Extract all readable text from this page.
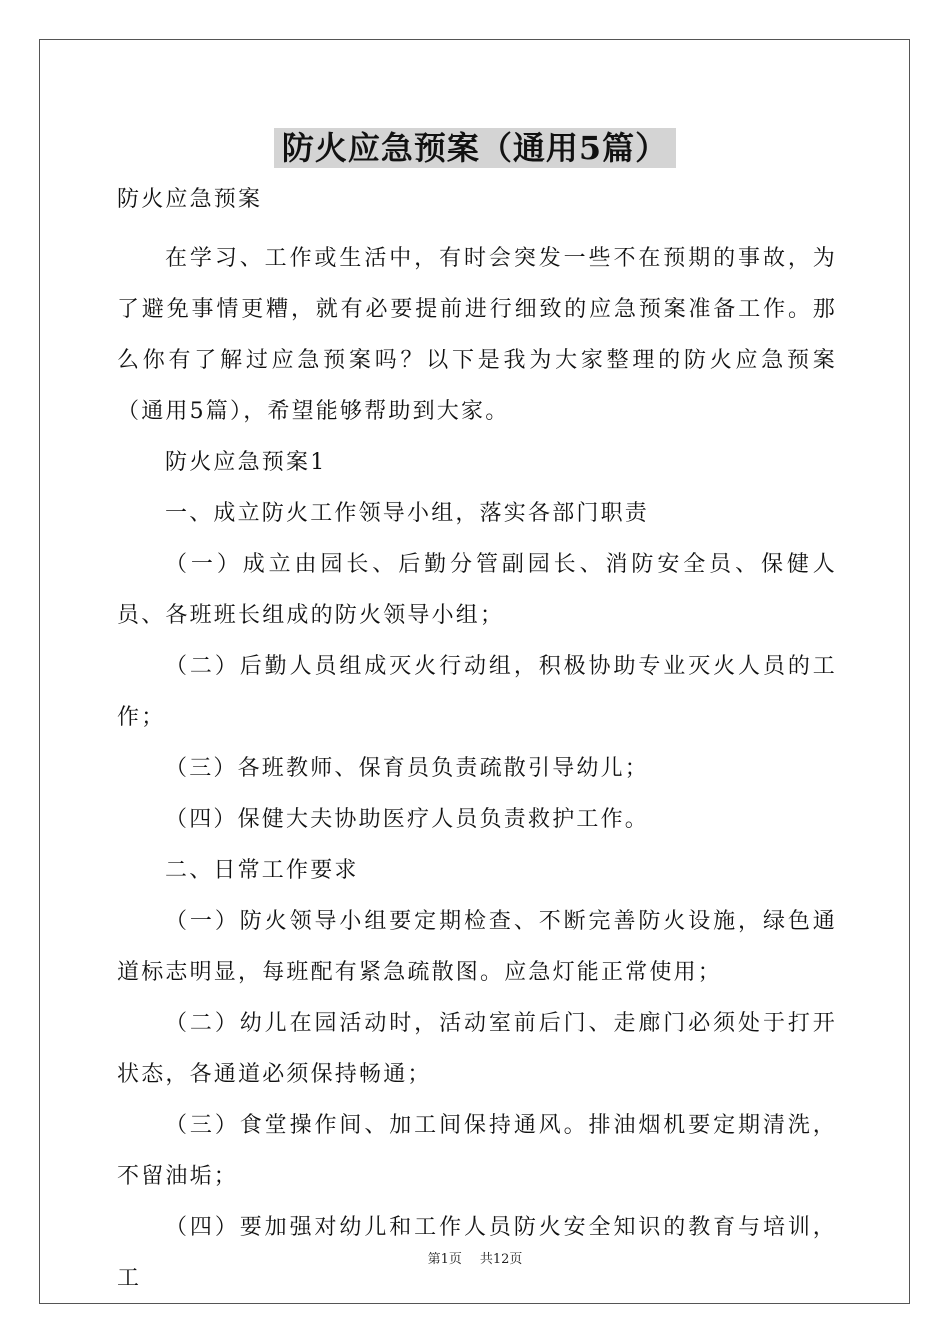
防火应急预案（通用5篇）

防火应急预案

在学习、工作或生活中，有时会突发一些不在预期的事故，为了避免事情更糟，就有必要提前进行细致的应急预案准备工作。那么你有了解过应急预案吗？以下是我为大家整理的防火应急预案（通用5篇），希望能够帮助到大家。

防火应急预案1

一、成立防火工作领导小组，落实各部门职责

（一）成立由园长、后勤分管副园长、消防安全员、保健人员、各班班长组成的防火领导小组；

（二）后勤人员组成灭火行动组，积极协助专业灭火人员的工作；

（三）各班教师、保育员负责疏散引导幼儿；

（四）保健大夫协助医疗人员负责救护工作。

二、日常工作要求

（一）防火领导小组要定期检查、不断完善防火设施，绿色通道标志明显，每班配有紧急疏散图。应急灯能正常使用；

（二）幼儿在园活动时，活动室前后门、走廊门必须处于打开状态，各通道必须保持畅通；

（三）食堂操作间、加工间保持通风。排油烟机要定期清洗，不留油垢；

（四）要加强对幼儿和工作人员防火安全知识的教育与培训，工

第1页 共12页
